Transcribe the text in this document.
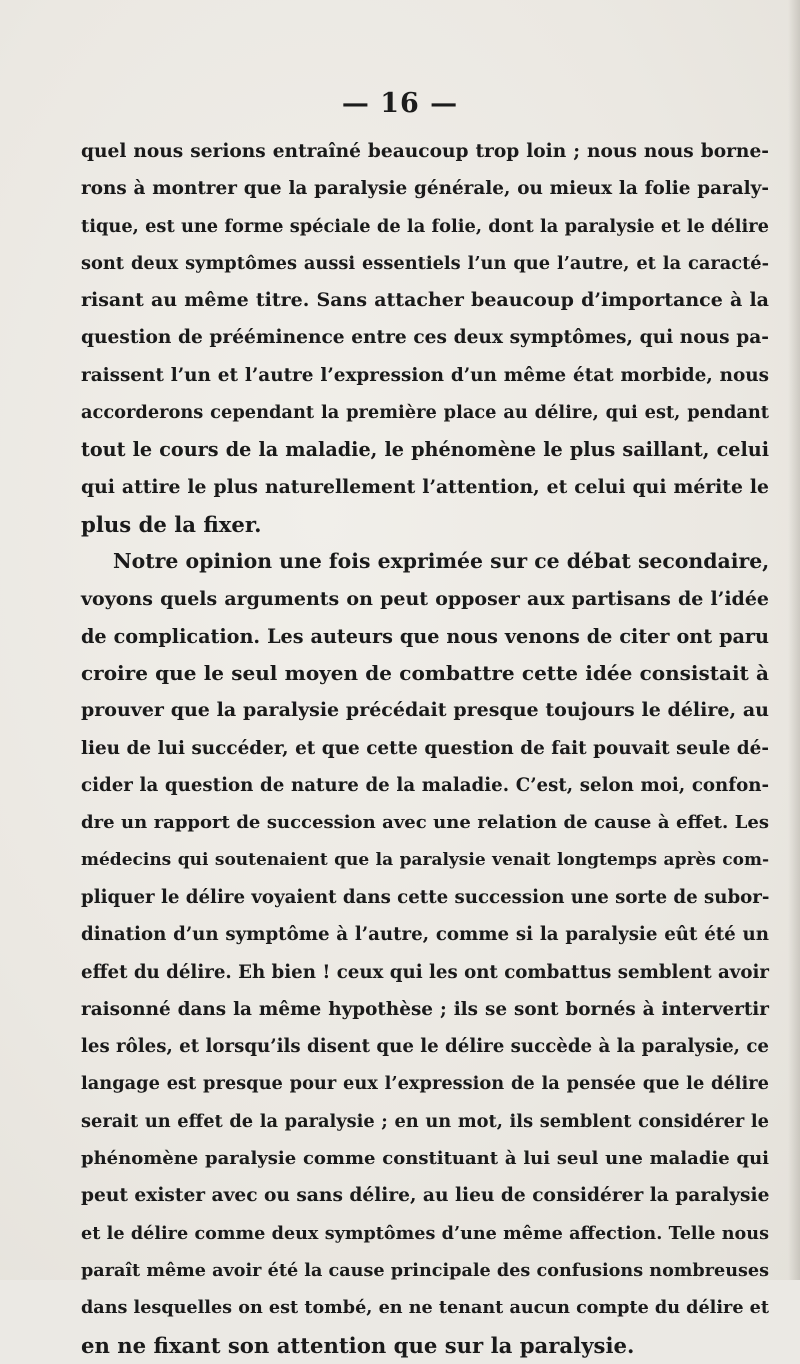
— 16 —
quel nous serions entraîné beaucoup trop loin ; nous nous borne-
rons à montrer que la paralysie générale, ou mieux la folie paraly-
tique, est une forme spéciale de la folie, dont la paralysie et le délire
sont deux symptômes aussi essentiels l’un que l’autre, et la caracté-
risant au même titre. Sans attacher beaucoup d’importance à la
question de prééminence entre ces deux symptômes, qui nous pa-
raissent l’un et l’autre l’expression d’un même état morbide, nous
accorderons cependant la première place au délire, qui est, pendant
tout le cours de la maladie, le phénomène le plus saillant, celui
qui attire le plus naturellement l’attention, et celui qui mérite le
plus de la fixer.
Notre opinion une fois exprimée sur ce débat secondaire,
voyons quels arguments on peut opposer aux partisans de l’idée
de complication. Les auteurs que nous venons de citer ont paru
croire que le seul moyen de combattre cette idée consistait à
prouver que la paralysie précédait presque toujours le délire, au
lieu de lui succéder, et que cette question de fait pouvait seule dé-
cider la question de nature de la maladie. C’est, selon moi, confon-
dre un rapport de succession avec une relation de cause à effet. Les
médecins qui soutenaient que la paralysie venait longtemps après com-
pliquer le délire voyaient dans cette succession une sorte de subor-
dination d’un symptôme à l’autre, comme si la paralysie eût été un
effet du délire. Eh bien ! ceux qui les ont combattus semblent avoir
raisonné dans la même hypothèse ; ils se sont bornés à intervertir
les rôles, et lorsqu’ils disent que le délire succède à la paralysie, ce
langage est presque pour eux l’expression de la pensée que le délire
serait un effet de la paralysie ; en un mot, ils semblent considérer le
phénomène paralysie comme constituant à lui seul une maladie qui
peut exister avec ou sans délire, au lieu de considérer la paralysie
et le délire comme deux symptômes d’une même affection. Telle nous
paraît même avoir été la cause principale des confusions nombreuses
dans lesquelles on est tombé, en ne tenant aucun compte du délire et
en ne fixant son attention que sur la paralysie.
